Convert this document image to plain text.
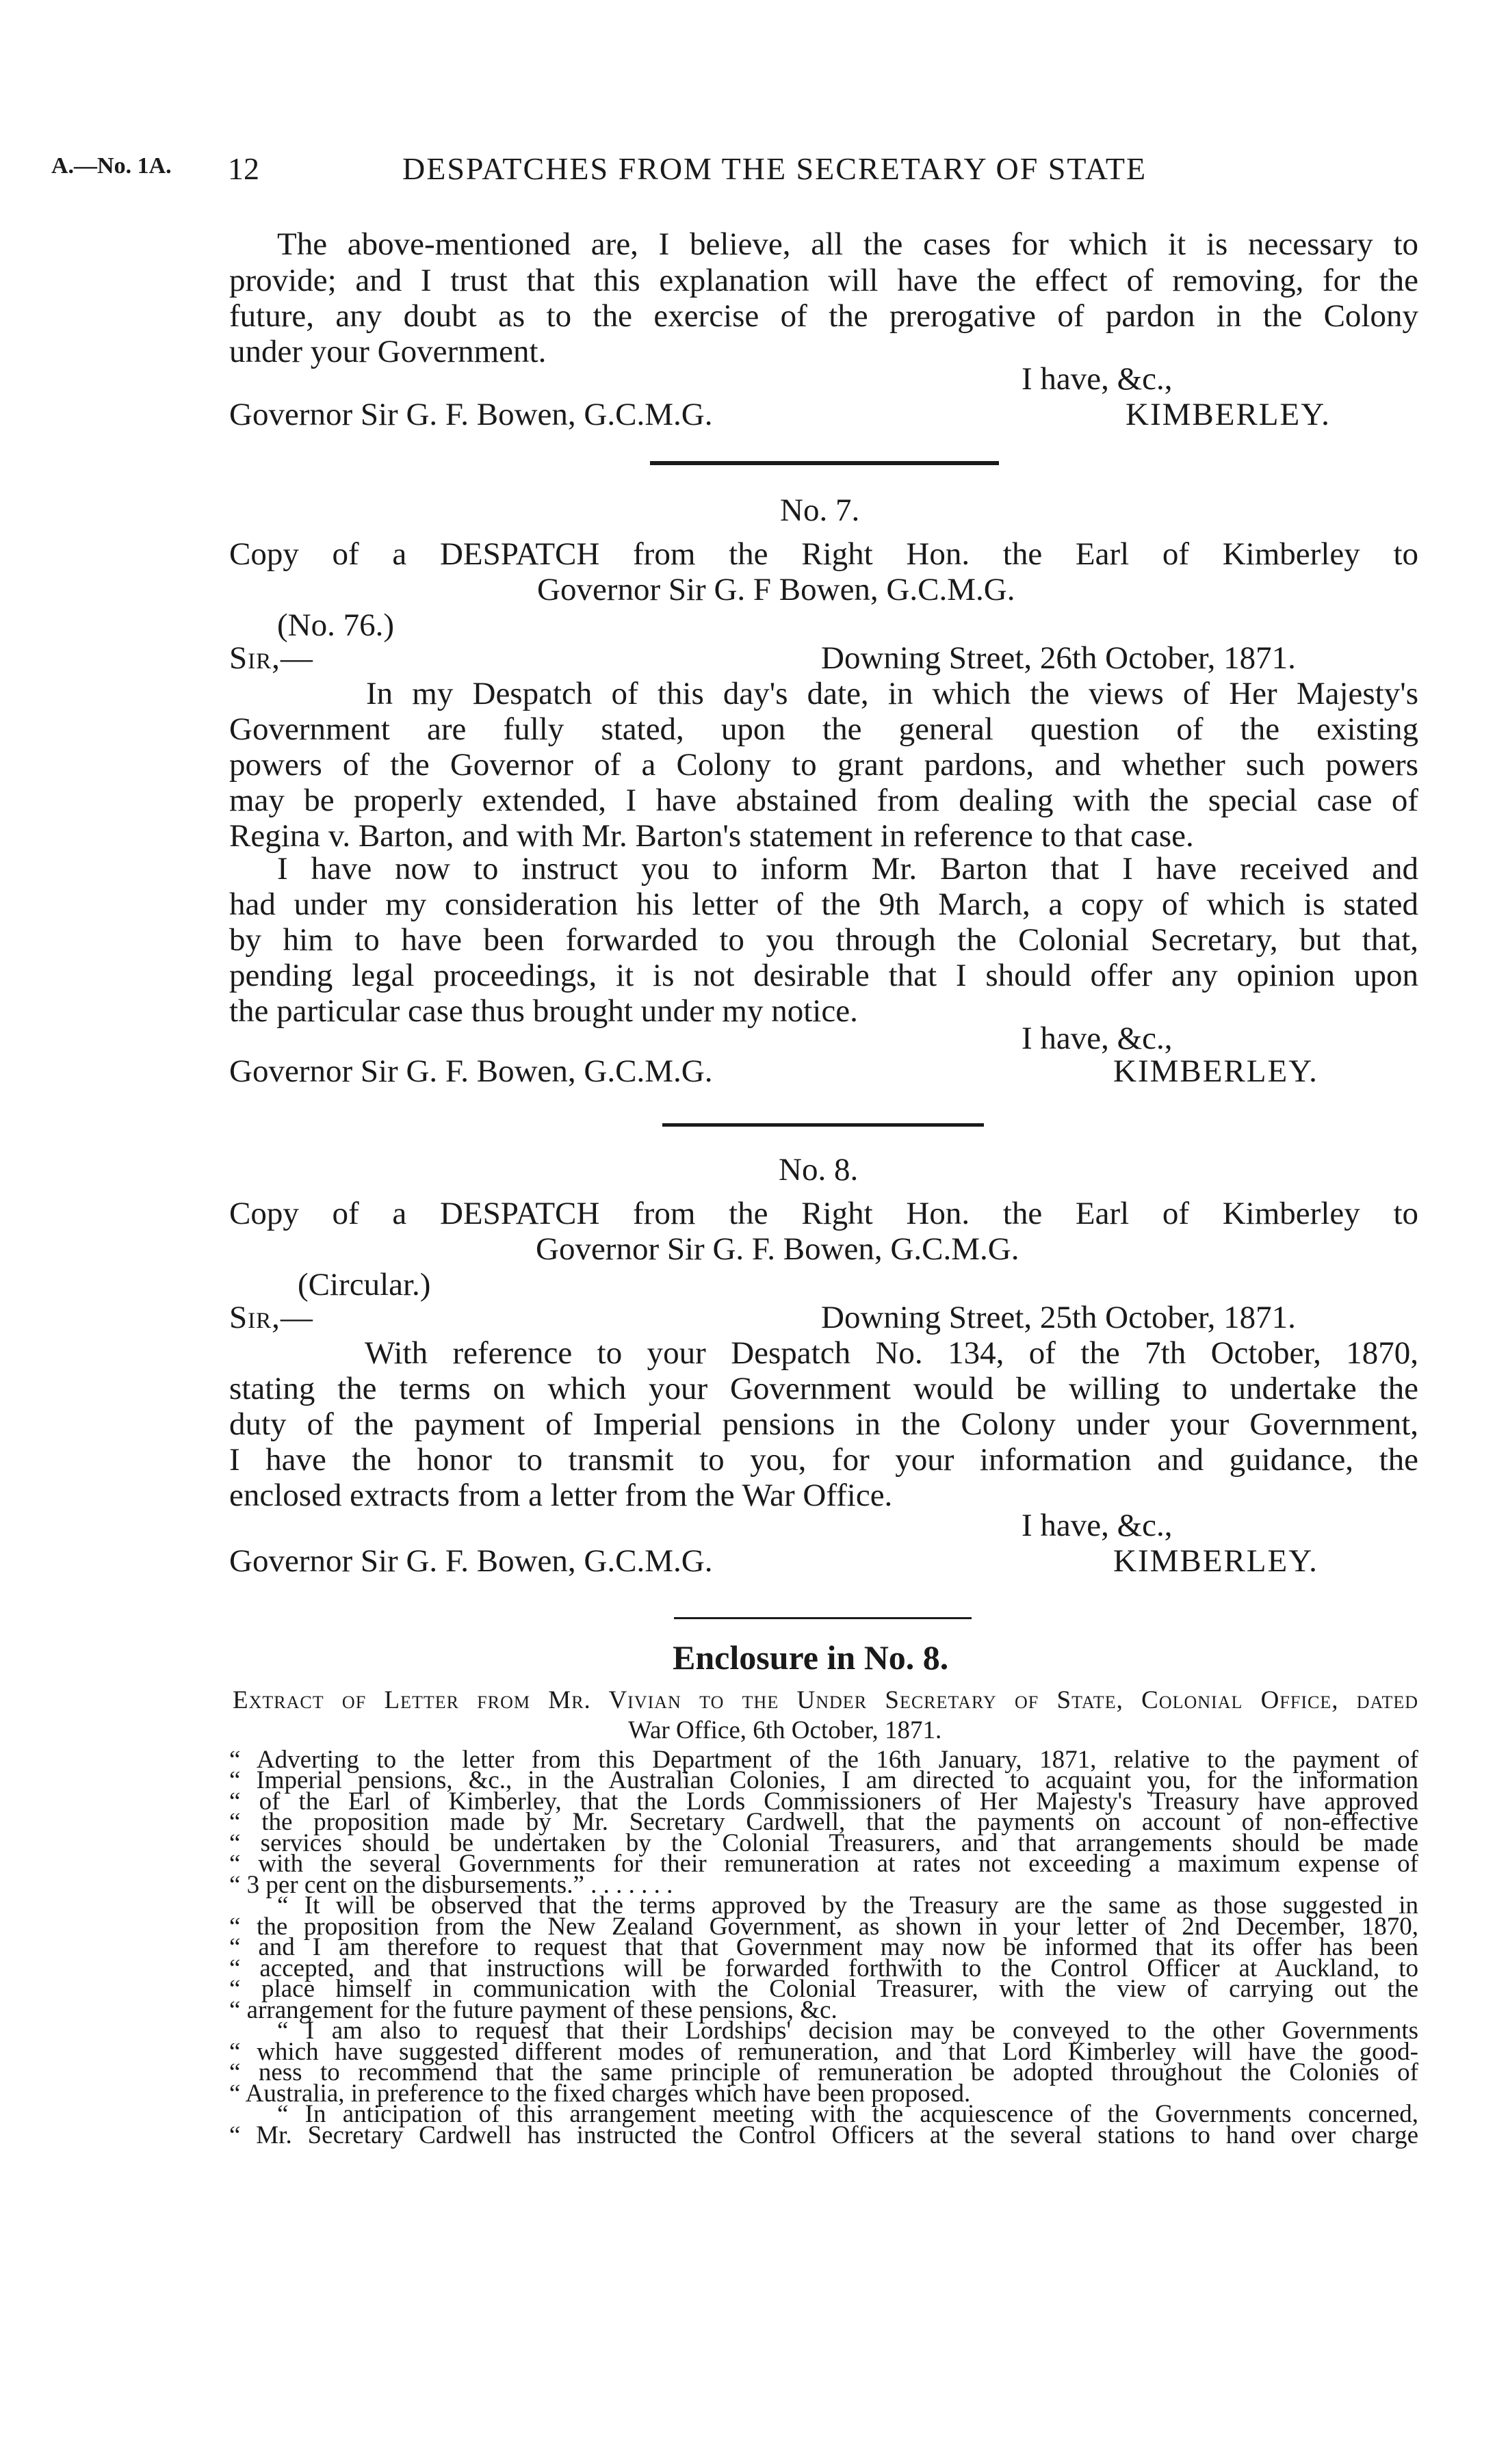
A.—No. 1A. 12	DESPATCHES FROM THE SECRETARY OF STATE
The above-mentioned are, I believe, all the cases for which it is necessary to
provide; and I trust that this explanation will have the effect of removing, for the
future, any doubt as to the exercise of the prerogative of pardon in the Colony
under your Government.
I have, &c.,
Governor Sir G. F. Bowen, G.C.M.G.	KIMBERLEY.
No. 7.
Copy of a DESPATCH from the Right Hon. the Earl of Kimberley to
Governor Sir G. F Bowen, G.C.M.G.
(No. 76.)
Sir,—	Downing Street, 26th October, 1871.
In my Despatch of this day's date, in which the views of Her Majesty's
Government are fully stated, upon the general question of the existing
powers of the Governor of a Colony to grant pardons, and whether such powers
may be properly extended, I have abstained from dealing with the special case of
Regina v. Barton, and with Mr. Barton's statement in reference to that case.
I have now to instruct you to inform Mr. Barton that I have received and
had under my consideration his letter of the 9th March, a copy of which is stated
by him to have been forwarded to you through the Colonial Secretary, but that,
pending legal proceedings, it is not desirable that I should offer any opinion upon
the particular case thus brought under my notice.
I have, &c.,
Governor Sir G. F. Bowen, G.C.M.G.	KIMBERLEY.
No. 8.
Copy of a DESPATCH from the Right Hon. the Earl of Kimberley to
Governor Sir G. F. Bowen, G.C.M.G.
(Circular.)
Sir,—	Downing Street, 25th October, 1871.
With reference to your Despatch No. 134, of the 7th October, 1870,
stating the terms on which your Government would be willing to undertake the
duty of the payment of Imperial pensions in the Colony under your Government,
I have the honor to transmit to you, for your information and guidance, the
enclosed extracts from a letter from the War Office.
I have, &c.,
Governor Sir G. F. Bowen, G.C.M.G.	KIMBERLEY.
Enclosure in No. 8.
Extract of Letter from Mr. Vivian to the Under Secretary of State, Colonial Office, dated
War Office, 6th October, 1871.
“ Adverting to the letter from this Department of the 16th January, 1871, relative to the payment of
“ Imperial pensions, &c., in the Australian Colonies, I am directed to acquaint you, for the information
“ of the Earl of Kimberley, that the Lords Commissioners of Her Majesty's Treasury have approved
“ the proposition made by Mr. Secretary Cardwell, that the payments on account of non-effective
“ services should be undertaken by the Colonial Treasurers, and that arrangements should be made
“ with the several Governments for their remuneration at rates not exceeding a maximum expense of
“ 3 per cent on the disbursements.” . . . . . . .
“ It will be observed that the terms approved by the Treasury are the same as those suggested in
“ the proposition from the New Zealand Government, as shown in your letter of 2nd December, 1870,
“ and I am therefore to request that that Government may now be informed that its offer has been
“ accepted, and that instructions will be forwarded forthwith to the Control Officer at Auckland, to
“ place himself in communication with the Colonial Treasurer, with the view of carrying out the
“ arrangement for the future payment of these pensions, &c.
“ I am also to request that their Lordships' decision may be conveyed to the other Governments
“ which have suggested different modes of remuneration, and that Lord Kimberley will have the good-
“ ness to recommend that the same principle of remuneration be adopted throughout the Colonies of
“ Australia, in preference to the fixed charges which have been proposed.
“ In anticipation of this arrangement meeting with the acquiescence of the Governments concerned,
“ Mr. Secretary Cardwell has instructed the Control Officers at the several stations to hand over charge
